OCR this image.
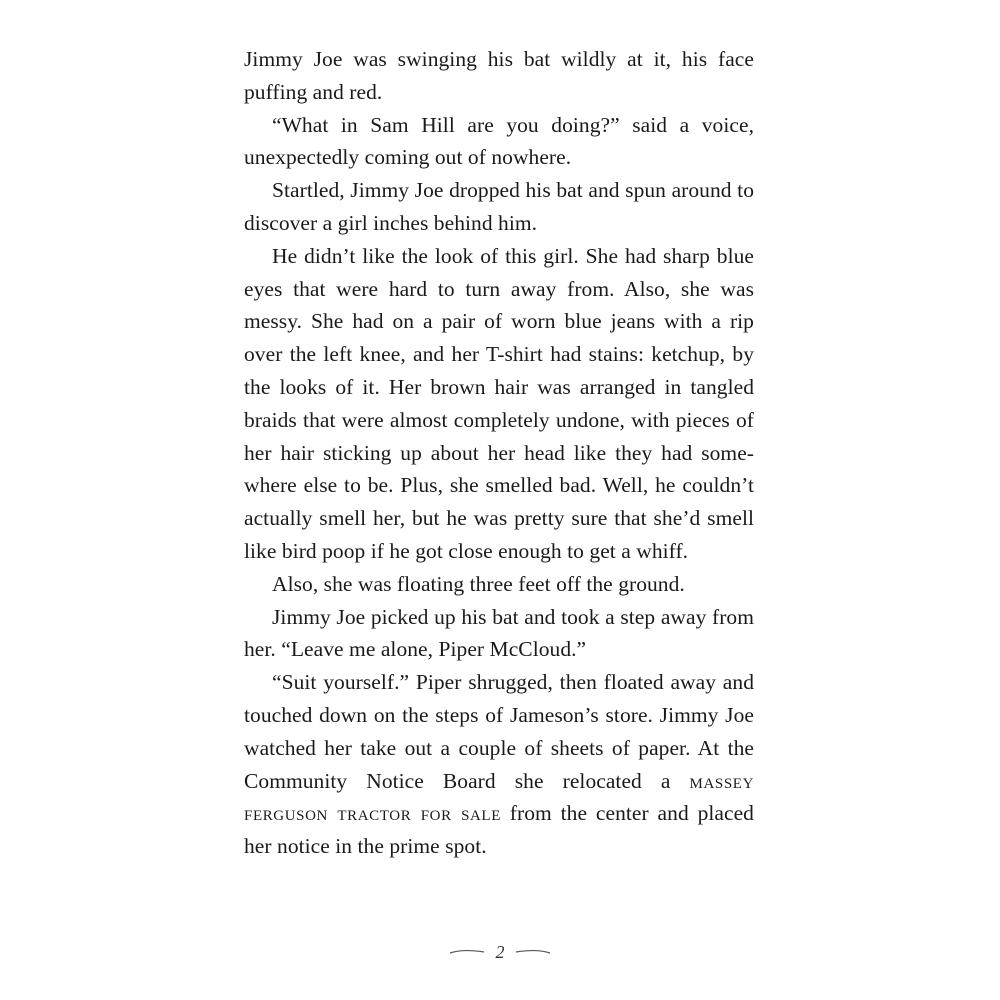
Jimmy Joe was swinging his bat wildly at it, his face puffing and red.

“What in Sam Hill are you doing?” said a voice, unexpectedly coming out of nowhere.

Startled, Jimmy Joe dropped his bat and spun around to discover a girl inches behind him.

He didn’t like the look of this girl. She had sharp blue eyes that were hard to turn away from. Also, she was messy. She had on a pair of worn blue jeans with a rip over the left knee, and her T-shirt had stains: ketchup, by the looks of it. Her brown hair was arranged in tangled braids that were almost completely undone, with pieces of her hair sticking up about her head like they had some-where else to be. Plus, she smelled bad. Well, he couldn’t actually smell her, but he was pretty sure that she’d smell like bird poop if he got close enough to get a whiff.

Also, she was floating three feet off the ground.

Jimmy Joe picked up his bat and took a step away from her. “Leave me alone, Piper McCloud.”

“Suit yourself.” Piper shrugged, then floated away and touched down on the steps of Jameson’s store. Jimmy Joe watched her take out a couple of sheets of paper. At the Community Notice Board she relocated a massey ferguson tractor for sale from the center and placed her notice in the prime spot.

2
